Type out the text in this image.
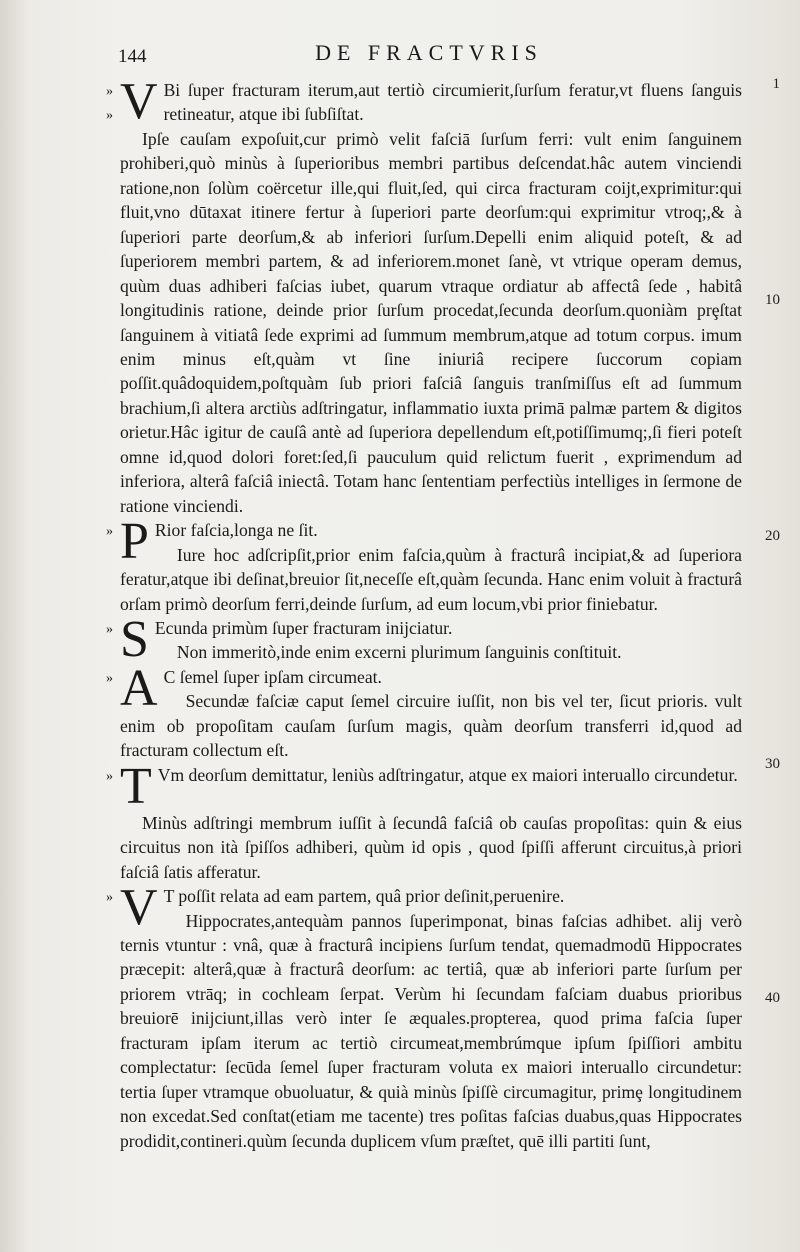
144	DE FRACTVRIS
1
10
20
30
40
»
» V Bi ſuper fracturam iterum,aut tertiò circumierit,ſurſum feratur,vt fluens ſanguis retineatur, atque ibi ſubſiſtat.

Ipſe cauſam expoſuit,cur primò velit faſciā ſurſum ferri: vult enim ſanguinem prohiberi,quò minùs à ſuperioribus membri partibus deſcendat.hâc autem vinciendi ratione,non ſolùm coërcetur ille,qui fluit,ſed, qui circa fracturam coijt,exprimitur:qui fluit,vno dūtaxat itinere fertur à ſuperiori parte deorſum:qui exprimitur vtroq;,& à ſuperiori parte deorſum,& ab inferiori ſurſum.Depelli enim aliquid poteſt, & ad ſuperiorem membri partem, & ad inferiorem.monet ſanè, vt vtrique operam demus, quùm duas adhiberi faſcias iubet, quarum vtraque ordiatur ab affectâ ſede , habitâ longitudinis ratione, deinde prior ſurſum procedat,ſecunda deorſum.quoniàm prȩſtat ſanguinem à vitiatâ ſede exprimi ad ſummum membrum,atque ad totum corpus. imum enim minus eſt,quàm vt ſine iniuriâ recipere ſuccorum copiam poſſit.quâdoquidem,poſtquàm ſub priori faſciâ ſanguis tranſmiſſus eſt ad ſummum brachium,ſi altera arctiùs adſtringatur, inflammatio iuxta primā palmæ partem & digitos orietur.Hâc igitur de cauſâ antè ad ſuperiora depellendum eſt,potiſſimumq;,ſi fieri poteſt omne id,quod dolori foret:ſed,ſi pauculum quid relictum fuerit , exprimendum ad inferiora, alterâ faſciâ iniectâ. Totam hanc ſententiam perfectiùs intelliges in ſermone de ratione vinciendi.

» P Rior faſcia,longa ne ſit.

Iure hoc adſcripſit,prior enim faſcia,quùm à fracturâ incipiat,& ad ſuperiora feratur,atque ibi deſinat,breuior ſit,neceſſe eſt,quàm ſecunda. Hanc enim voluit à fracturâ orſam primò deorſum ferri,deinde ſurſum, ad eum locum,vbi prior finiebatur.

» S Ecunda primùm ſuper fracturam inijciatur.

Non immeritò,inde enim excerni plurimum ſanguinis conſtituit.

» A C ſemel ſuper ipſam circumeat.

Secundæ faſciæ caput ſemel circuire iuſſit, non bis vel ter, ſicut prioris. vult enim ob propoſitam cauſam ſurſum magis, quàm deorſum transferri id,quod ad fracturam collectum eſt.

» T Vm deorſum demittatur, leniùs adſtringatur, atque ex maiori interuallo circundetur.

Minùs adſtringi membrum iuſſit à ſecundâ faſciâ ob cauſas propoſitas: quin & eius circuitus non ità ſpiſſos adhiberi, quùm id opis , quod ſpiſſi afferunt circuitus,à priori faſciâ ſatis afferatur.

» V T poſſit relata ad eam partem, quâ prior deſinit,peruenire.

Hippocrates,antequàm pannos ſuperimponat, binas faſcias adhibet. alij verò ternis vtuntur : vnâ, quæ à fracturâ incipiens ſurſum tendat, quemadmodū Hippocrates præcepit: alterâ,quæ à fracturâ deorſum: ac tertiâ, quæ ab inferiori parte ſurſum per priorem vtrāq; in cochleam ſerpat. Verùm hi ſecundam faſciam duabus prioribus breuiorē inijciunt,illas verò inter ſe æquales.propterea, quod prima faſcia ſuper fracturam ipſam iterum ac tertiò circumeat,membrúmque ipſum ſpiſſiori ambitu complectatur: ſecūda ſemel ſuper fracturam voluta ex maiori interuallo circundetur: tertia ſuper vtramque obuoluatur, & quià minùs ſpiſſè circumagitur, primȩ longitudinem non excedat.Sed conſtat(etiam me tacente) tres poſitas faſcias duabus,quas Hippocrates prodidit,contineri.quùm ſecunda duplicem vſum præſtet, quē illi partiti ſunt,
